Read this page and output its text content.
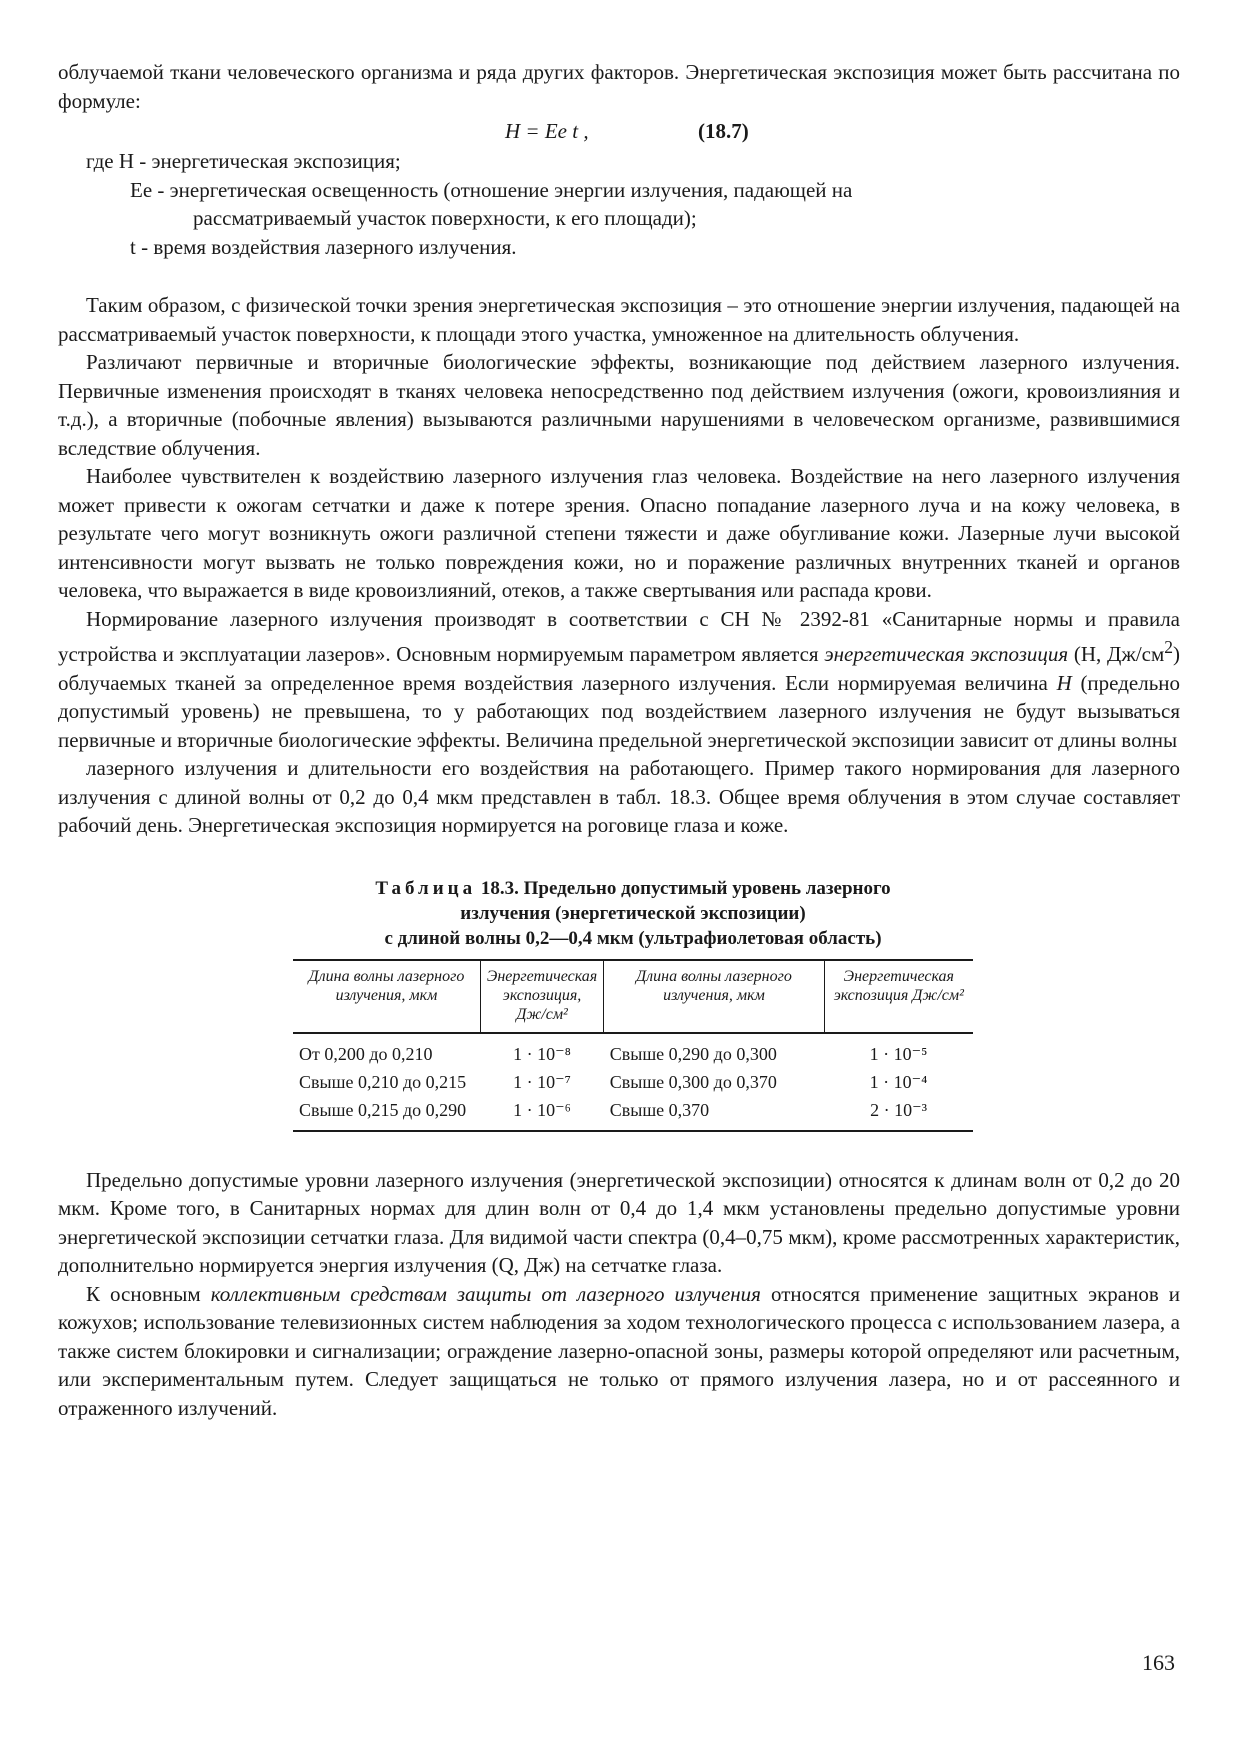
облучаемой ткани человеческого организма и ряда других факторов. Энергетическая экспозиция может быть рассчитана по формуле:

H = Ee t ,	(18.7)
где H - энергетическая экспозиция;
Ee - энергетическая освещенность (отношение энергии излучения, падающей на
рассматриваемый участок поверхности, к его площади);
t - время воздействия лазерного излучения.

Таким образом, с физической точки зрения энергетическая экспозиция – это отношение энергии излучения, падающей на рассматриваемый участок поверхности, к площади этого участка, умноженное на длительность облучения.

Различают первичные и вторичные биологические эффекты, возникающие под действием лазерного излучения. Первичные изменения происходят в тканях человека непосредственно под действием излучения (ожоги, кровоизлияния и т.д.), а вторичные (побочные явления) вызываются различными нарушениями в человеческом организме, развившимися вследствие облучения.

Наиболее чувствителен к воздействию лазерного излучения глаз человека. Воздействие на него лазерного излучения может привести к ожогам сетчатки и даже к потере зрения. Опасно попадание лазерного луча и на кожу человека, в результате чего могут возникнуть ожоги различной степени тяжести и даже обугливание кожи. Лазерные лучи высокой интенсивности могут вызвать не только повреждения кожи, но и поражение различных внутренних тканей и органов человека, что выражается в виде кровоизлияний, отеков, а также свертывания или распада крови.

Нормирование лазерного излучения производят в соответствии с СН № 2392-81 «Санитарные нормы и правила устройства и эксплуатации лазеров». Основным нормируемым параметром является энергетическая экспозиция (Н, $Дж/см^2$) облучаемых тканей за определенное время воздействия лазерного излучения. Если нормируемая величина H (предельно допустимый уровень) не превышена, то у работающих под воздействием лазерного излучения не будут вызываться первичные и вторичные биологические эффекты. Величина предельной энергетической экспозиции зависит от длины волны

лазерного излучения и длительности его воздействия на работающего. Пример такого нормирования для лазерного излучения с длиной волны от 0,2 до 0,4 мкм представлен в табл. 18.3. Общее время облучения в этом случае составляет рабочий день. Энергетическая экспозиция нормируется на роговице глаза и коже.

Таблица 18.3. Предельно допустимый уровень лазерного
излучения (энергетической экспозиции)
с длиной волны 0,2—0,4 мкм (ультрафиолетовая область)
Длина волны лазерного излучения, мкм	Энергетическая экспозиция, Дж/см²	Длина волны лазерного излучения, мкм	Энергетическая экспозиция Дж/см²
От 0,200 до 0,210	1 · 10⁻⁸	Свыше 0,290 до 0,300	1 · 10⁻⁵
Свыше 0,210 до 0,215	1 · 10⁻⁷	Свыше 0,300 до 0,370	1 · 10⁻⁴
Свыше 0,215 до 0,290	1 · 10⁻⁶	Свыше 0,370	2 · 10⁻³

Предельно допустимые уровни лазерного излучения (энергетической экспозиции) относятся к длинам волн от 0,2 до 20 мкм. Кроме того, в Санитарных нормах для длин волн от 0,4 до 1,4 мкм установлены предельно допустимые уровни энергетической экспозиции сетчатки глаза. Для видимой части спектра (0,4–0,75 мкм), кроме рассмотренных характеристик, дополнительно нормируется энергия излучения (Q, Дж) на сетчатке глаза.

К основным коллективным средствам защиты от лазерного излучения относятся применение защитных экранов и кожухов; использование телевизионных систем наблюдения за ходом технологического процесса с использованием лазера, а также систем блокировки и сигнализации; ограждение лазерно-опасной зоны, размеры которой определяют или расчетным, или экспериментальным путем. Следует защищаться не только от прямого излучения лазера, но и от рассеянного и отраженного излучений.

163
